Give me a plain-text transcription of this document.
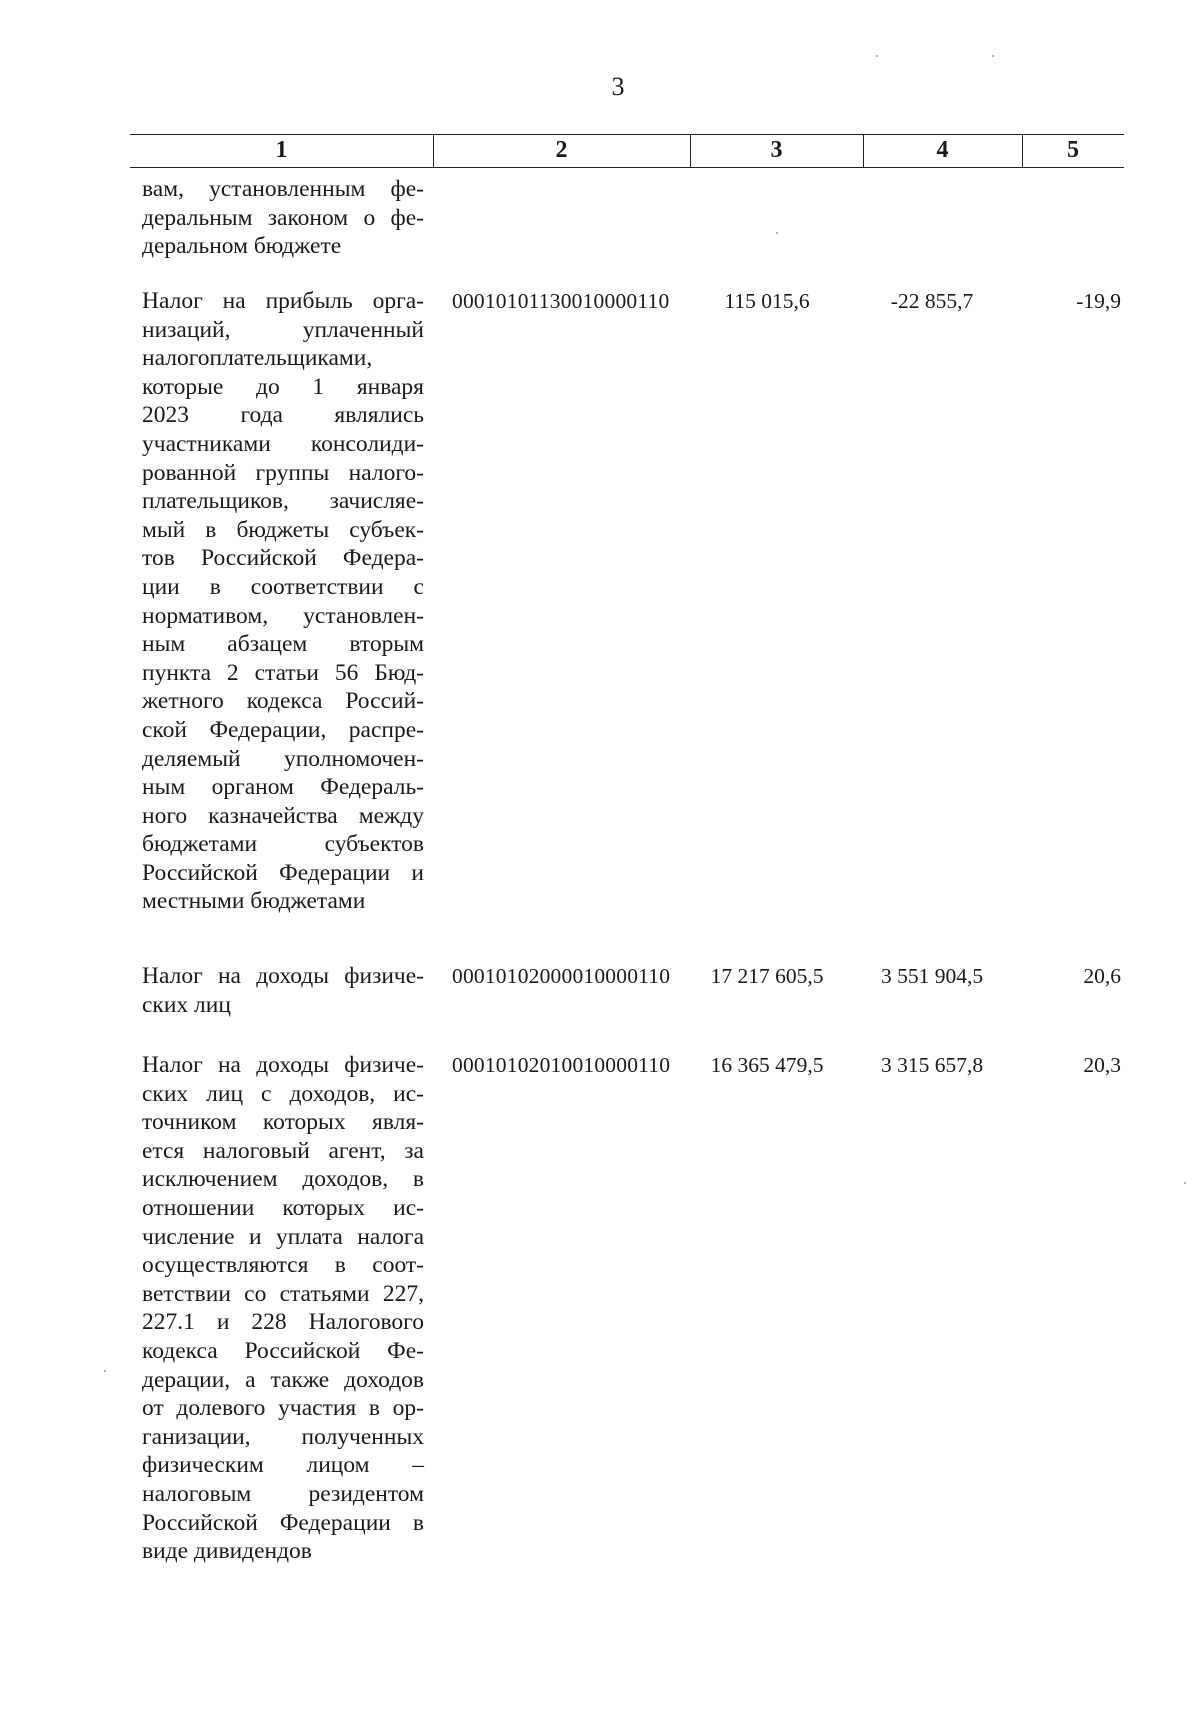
3
1	2	3	4	5
вам, установленным фе-
деральным законом о фе-
деральном бюджете
Налог на прибыль орга-
низаций, уплаченный
налогоплательщиками,
которые до 1 января
2023 года являлись
участниками консолиди-
рованной группы налого-
плательщиков, зачисляе-
мый в бюджеты субъек-
тов Российской Федера-
ции в соответствии с
нормативом, установлен-
ным абзацем вторым
пункта 2 статьи 56 Бюд-
жетного кодекса Россий-
ской Федерации, распре-
деляемый уполномочен-
ным органом Федераль-
ного казначейства между
бюджетами субъектов
Российской Федерации и
местными бюджетами
00010101130010000110	115 015,6	-22 855,7	-19,9
Налог на доходы физиче-
ских лиц
00010102000010000110	17 217 605,5	3 551 904,5	20,6
Налог на доходы физиче-
ских лиц с доходов, ис-
точником которых явля-
ется налоговый агент, за
исключением доходов, в
отношении которых ис-
числение и уплата налога
осуществляются в соот-
ветствии со статьями 227,
227.1 и 228 Налогового
кодекса Российской Фе-
дерации, а также доходов
от долевого участия в ор-
ганизации, полученных
физическим лицом –
налоговым резидентом
Российской Федерации в
виде дивидендов
00010102010010000110	16 365 479,5	3 315 657,8	20,3
